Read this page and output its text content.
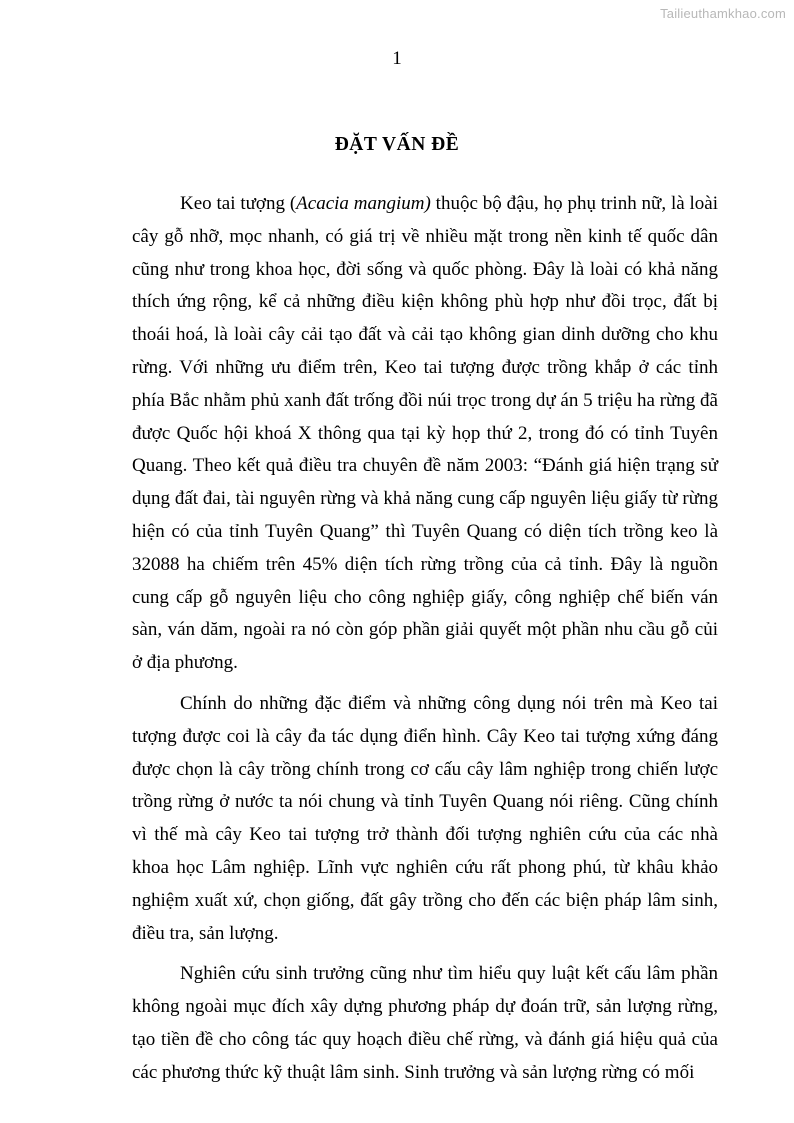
Tailieuthamkhao.com
1
ĐẶT VẤN ĐỀ

Keo tai tượng (Acacia mangium) thuộc bộ đậu, họ phụ trinh nữ, là loài cây gỗ nhỡ, mọc nhanh, có giá trị về nhiều mặt trong nền kinh tế quốc dân cũng như trong khoa học, đời sống và quốc phòng. Đây là loài có khả năng thích ứng rộng, kể cả những điều kiện không phù hợp như đồi trọc, đất bị thoái hoá, là loài cây cải tạo đất và cải tạo không gian dinh dưỡng cho khu rừng. Với những ưu điểm trên, Keo tai tượng được trồng khắp ở các tỉnh phía Bắc nhằm phủ xanh đất trống đồi núi trọc trong dự án 5 triệu ha rừng đã được Quốc hội khoá X thông qua tại kỳ họp thứ 2, trong đó có tỉnh Tuyên Quang. Theo kết quả điều tra chuyên đề năm 2003: “Đánh giá hiện trạng sử dụng đất đai, tài nguyên rừng và khả năng cung cấp nguyên liệu giấy từ rừng hiện có của tỉnh Tuyên Quang” thì Tuyên Quang có diện tích trồng keo là 32088 ha chiếm trên 45% diện tích rừng trồng của cả tỉnh. Đây là nguồn cung cấp gỗ nguyên liệu cho công nghiệp giấy, công nghiệp chế biến ván sàn, ván dăm, ngoài ra nó còn góp phần giải quyết một phần nhu cầu gỗ củi ở địa phương.

Chính do những đặc điểm và những công dụng nói trên mà Keo tai tượng được coi là cây đa tác dụng điển hình. Cây Keo tai tượng xứng đáng được chọn là cây trồng chính trong cơ cấu cây lâm nghiệp trong chiến lược trồng rừng ở nước ta nói chung và tỉnh Tuyên Quang nói riêng. Cũng chính vì thế mà cây Keo tai tượng trở thành đối tượng nghiên cứu của các nhà khoa học Lâm nghiệp. Lĩnh vực nghiên cứu rất phong phú, từ khâu khảo nghiệm xuất xứ, chọn giống, đất gây trồng cho đến các biện pháp lâm sinh, điều tra, sản lượng.

Nghiên cứu sinh trưởng cũng như tìm hiểu quy luật kết cấu lâm phần không ngoài mục đích xây dựng phương pháp dự đoán trữ, sản lượng rừng, tạo tiền đề cho công tác quy hoạch điều chế rừng, và đánh giá hiệu quả của các phương thức kỹ thuật lâm sinh. Sinh trưởng và sản lượng rừng có mối
